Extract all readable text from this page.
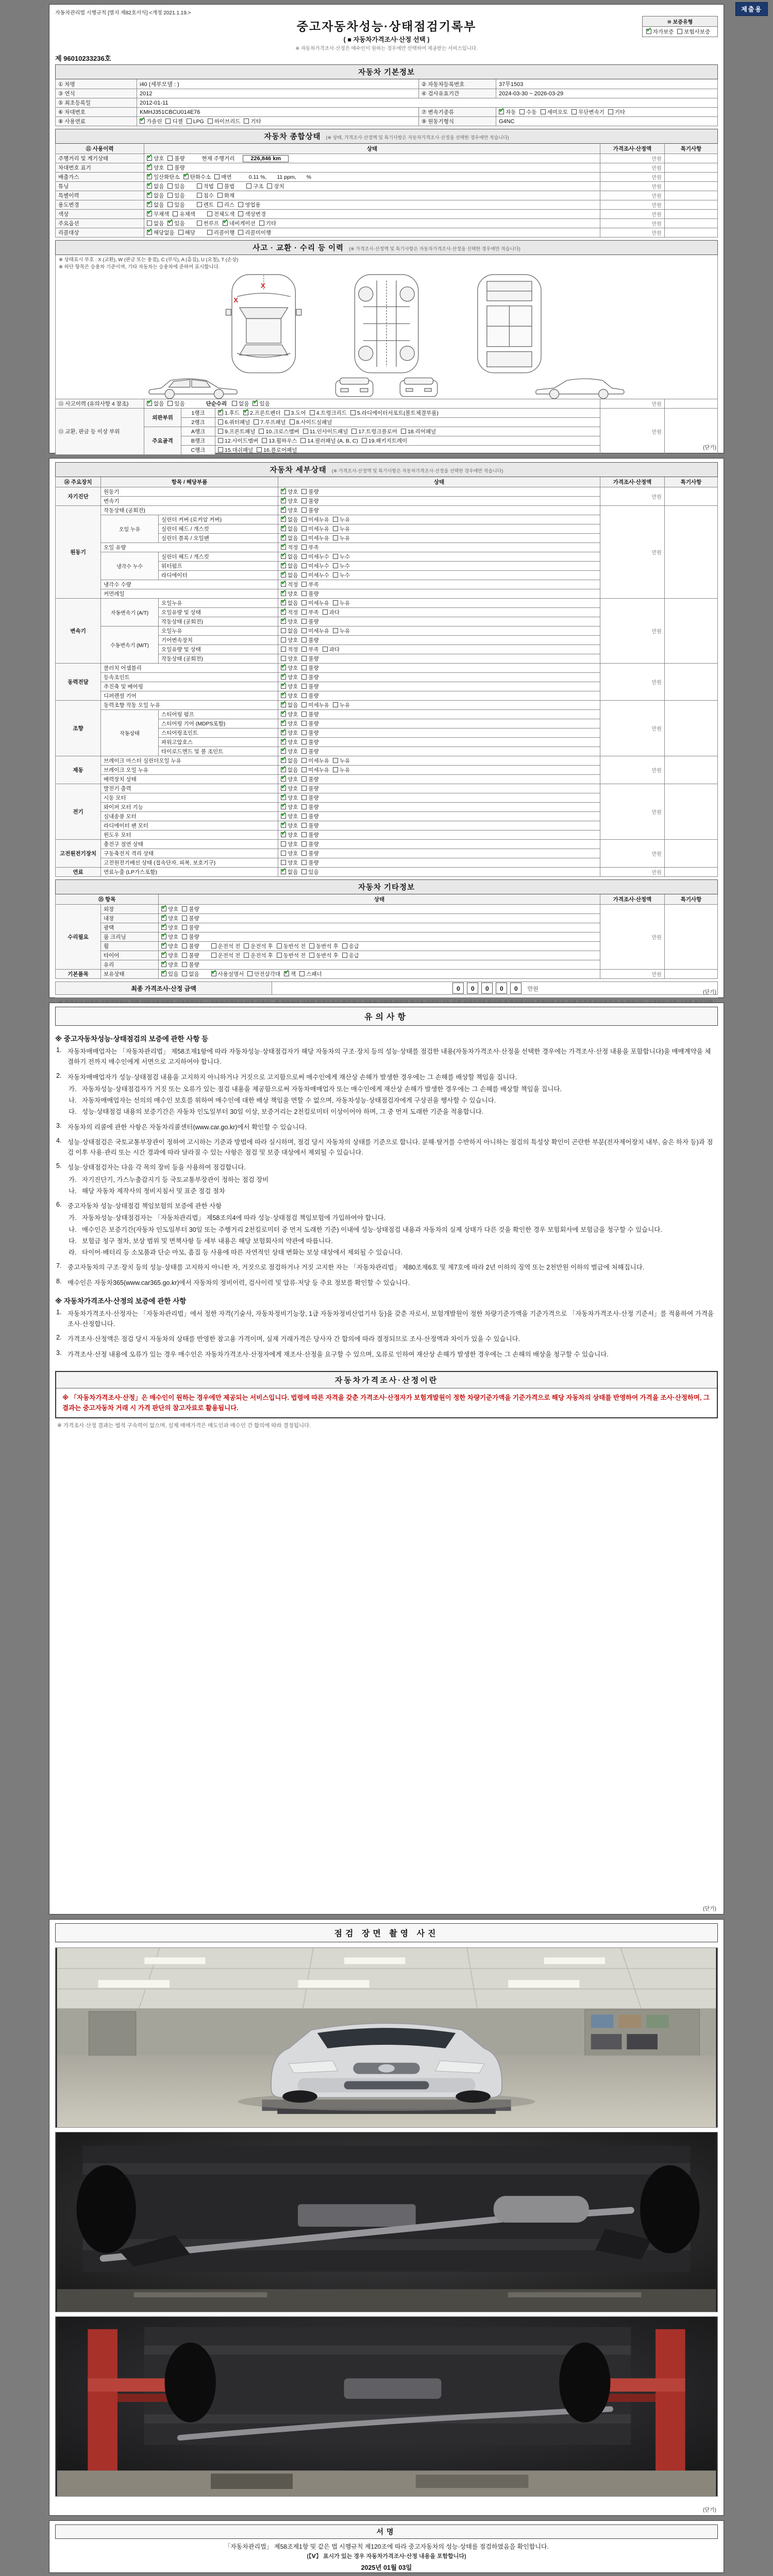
제출용
자동차관리법 시행규칙 [별지 제82호서식] <개정 2021.1.19.>
중고자동차성능·상태점검기록부
( ■ 자동차가격조사·산정 선택 )
※ 자동차가격조사·산정은 매수인이 원하는 경우에만 선택하여 제공받는 서비스입니다.
⑩ 보증유형
✔자가보증 보험사보증
제 96010233236호
자동차 기본정보			
① 차명	i40 (세부모델 : )	② 자동차등록번호	37무1503
③ 연식	2012	④ 검사유효기간	2024-03-30 ~ 2026-03-29
⑤ 최초등록일	2012-01-11		
⑥ 차대번호	KMHJ351CBCU014E76	⑦ 변속기종류	✔자동 수동 세미오토 무단변속기 기타
⑧ 사용연료	✔가솔린 디젤 LPG 하이브리드 기타	⑨ 원동기형식	G4NC
자동차 종합상태 (※ 상태, 가격조사·산정액 및 특기사항은 자동차가격조사·산정을 선택한 경우에만 적습니다)			
⑪ 사용이력	상태	가격조사·산정액	특기사항
주행거리 및 계기상태	✔양호 불량 현재 주행거리 226,846 km	만원	
차대번호 표기	✔양호 불량	만원	
배출가스	✔일산화탄소 ✔ 탄화수소 매연 0.11 %, 11 ppm, %	만원	
튜닝	✔없음 있음 적법 불법 구조 장치	만원	
특별이력	✔없음 있음 침수 화재	만원	
용도변경	✔없음 있음 렌트 리스 영업용	만원	
색상	✔무채색 유채색 전체도색 색상변경	만원	
주요옵션	없음 ✔ 있음 썬루프 ✔ 네비게이션 기타	만원	
리콜대상	✔해당없음 해당 리콜이행 리콜미이행	만원	
사고 · 교환 · 수리 등 이력 (※ 가격조사·산정액 및 특기사항은 자동차가격조사·산정을 선택한 경우에만 적습니다)					

※ 상태표시 부호 : X (교환), W (판금 또는 용접), C (부식), A (흠집), U (요철), T (손상)
※ 하단 항목은 승용차 기준이며, 기타 자동차는 승용차에 준하여 표시합니다.
X
X					

⑫ 사고이력 (유의사항 4 참조)	✔없음 있음 단순수리 없음 ✔ 있음			만원	
⑬ 교환, 판금 등 이상 부위	외판부위	1랭크	✔1.후드 ✔ 2.프론트펜더 3.도어 4.트렁크리드 5.라디에이터서포트(볼트체결부품)	만원	
		2랭크	6.쿼터패널 7.루프패널 8.사이드실패널		
	주요골격	A랭크	9.프론트패널 10.크로스멤버 11.인사이드패널 17.트렁크플로어 18.리어패널		
		B랭크	12.사이드멤버 13.휠하우스 14.필러패널 (A, B, C) 19.패키지트레이		
		C랭크	15.대쉬패널 16.플로어패널			(닫기)
자동차 세부상태 (※ 가격조사·산정액 및 특기사항은 자동차가격조사·산정을 선택한 경우에만 적습니다)					
⑭ 주요장치	항목 / 해당부품		상태	가격조사·산정액	특기사항
자기진단	원동기	✔양호 불량	만원	
	변속기	✔양호 불량
원동기	작동상태 (공회전)	✔양호 불량	만원	
	오일 누유	실린더 커버 (로커암 커버)	✔없음 미세누유 누유
		실린더 헤드 / 개스킷	✔없음 미세누유 누유
		실린더 블록 / 오일팬	✔없음 미세누유 누유
	오일 유량	✔적정 부족
	냉각수 누수	실린더 헤드 / 개스킷	✔없음 미세누수 누수
		워터펌프	✔없음 미세누수 누수
		라디에이터	✔없음 미세누수 누수
	냉각수 수량	✔적정 부족
	커먼레일	✔양호 불량
변속기	자동변속기 (A/T)	오일누유	✔없음 미세누유 누유	만원	
		오일유량 및 상태	✔적정 부족 과다
		작동상태 (공회전)	✔양호 불량
	수동변속기 (M/T)	오일누유	없음 미세누유 누유		
		기어변속장치	양호 불량		
		오일유량 및 상태	적정 부족 과다		
		작동상태 (공회전)	양호 불량		
동력전달	클러치 어셈블리	✔양호 불량	만원	
	등속조인트	✔양호 불량
	추진축 및 베어링	✔양호 불량
	디퍼렌셜 기어	✔양호 불량
조향	동력조향 작동 오일 누유	✔없음 미세누유 누유	만원	
	작동상태	스티어링 펌프	✔양호 불량
		스티어링 기어 (MDPS포함)	✔양호 불량
		스티어링조인트	✔양호 불량
		파워고압호스	✔양호 불량
		타이로드엔드 및 볼 조인트	✔양호 불량
제동	브레이크 마스터 실린더오일 누유	✔없음 미세누유 누유	만원	
	브레이크 오일 누유	✔없음 미세누유 누유
	배력장치 상태	✔양호 불량
전기	발전기 출력	✔양호 불량	만원	
	시동 모터	✔양호 불량
	와이퍼 모터 기능	✔양호 불량
	실내송풍 모터	✔양호 불량
	라디에이터 팬 모터	✔양호 불량
	윈도우 모터	✔양호 불량
고전원전기장치	충전구 절연 상태		양호 불량	만원	
	구동축전지 격리 상태		양호 불량		
	고전원전기배선 상태 (접속단자, 피복, 보호기구)		양호 불량		
연료	연료누출 (LP가스포함)	✔없음 있음	만원	
자동차 기타정보				
⑮ 항목		상태	가격조사·산정액	특기사항
수리필요	외장	✔양호 불량	만원	
	내장	✔양호 불량
	광택	✔양호 불량
	룸 크리닝	✔양호 불량
	휠	✔양호 불량 운전석 전 운전석 후 동반석 전 동반석 후 응급
	타이어	✔양호 불량 운전석 전 운전석 후 동반석 전 동반석 후 응급
	유리	✔양호 불량
기본품목	보유상태	✔있음 없음 ✔ 사용설명서 안전삼각대 ✔ 잭 스패너	만원	
최종 가격조사·산정 금액	0 0 0 0 0 만원

(닫기)
유의사항
※ 중고자동차성능·상태점검의 보증에 관한 사항 등
1. 자동차매매업자는 「자동차관리법」 제58조제1항에 따라 자동차성능·상태점검자가 해당 자동차의 구조·장치 등의 성능·상태를 점검한 내용(자동차가격조사·산정을 선택한 경우에는 가격조사·산정 내용을 포함합니다)을 매매계약을 체결하기 전까지 매수인에게 서면으로 고지하여야 합니다.
2. 자동차매매업자가 성능·상태점검 내용을 고지하지 아니하거나 거짓으로 고지함으로써 매수인에게 재산상 손해가 발생한 경우에는 그 손해를 배상할 책임을 집니다.
가. 자동차성능·상태점검자가 거짓 또는 오류가 있는 점검 내용을 제공함으로써 자동차매매업자 또는 매수인에게 재산상 손해가 발생한 경우에는 그 손해를 배상할 책임을 집니다.
나. 자동차매매업자는 선의의 매수인 보호를 위하여 매수인에 대한 배상 책임을 면할 수 없으며, 자동차성능·상태점검자에게 구상권을 행사할 수 있습니다.
다. 성능·상태점검 내용의 보증기간은 자동차 인도일부터 30일 이상, 보증거리는 2천킬로미터 이상이어야 하며, 그 중 먼저 도래한 기준을 적용합니다.
3. 자동차의 리콜에 관한 사항은 자동차리콜센터(www.car.go.kr)에서 확인할 수 있습니다.
4. 성능·상태점검은 국토교통부장관이 정하여 고시하는 기준과 방법에 따라 실시하며, 점검 당시 자동차의 상태를 기준으로 합니다. 분해·탈거를 수반하지 아니하는 점검의 특성상 확인이 곤란한 부분(전자제어장치 내부, 숨은 하자 등)과 점검 이후 사용·관리 또는 시간 경과에 따라 달라질 수 있는 사항은 점검 및 보증 대상에서 제외될 수 있습니다.
5. 성능·상태점검자는 다음 각 목의 장비 등을 사용하여 점검합니다.
가. 자기진단기, 가스누출감지기 등 국토교통부장관이 정하는 점검 장비
나. 해당 자동차 제작사의 정비지침서 및 표준 점검 절차
6. 중고자동차 성능·상태점검 책임보험의 보증에 관한 사항
가. 자동차성능·상태점검자는 「자동차관리법」 제58조의4에 따라 성능·상태점검 책임보험에 가입하여야 합니다.
나. 매수인은 보증기간(자동차 인도일부터 30일 또는 주행거리 2천킬로미터 중 먼저 도래한 기준) 이내에 성능·상태점검 내용과 자동차의 실제 상태가 다른 것을 확인한 경우 보험회사에 보험금을 청구할 수 있습니다.
다. 보험금 청구 절차, 보상 범위 및 면책사항 등 세부 내용은 해당 보험회사의 약관에 따릅니다.
라. 타이어·배터리 등 소모품과 단순 마모, 흠집 등 사용에 따른 자연적인 상태 변화는 보상 대상에서 제외될 수 있습니다.
7. 중고자동차의 구조·장치 등의 성능·상태를 고지하지 아니한 자, 거짓으로 점검하거나 거짓 고지한 자는 「자동차관리법」 제80조제6호 및 제7호에 따라 2년 이하의 징역 또는 2천만원 이하의 벌금에 처해집니다.
8. 매수인은 자동차365(www.car365.go.kr)에서 자동차의 정비이력, 검사이력 및 압류·저당 등 주요 정보를 확인할 수 있습니다.
※ 자동차가격조사·산정의 보증에 관한 사항
1. 자동차가격조사·산정자는 「자동차관리법」에서 정한 자격(기술사, 자동차정비기능장, 1급 자동차정비산업기사 등)을 갖춘 자로서, 보험개발원이 정한 차량기준가액을 기준가격으로 「자동차가격조사·산정 기준서」를 적용하여 가격을 조사·산정합니다.
2. 가격조사·산정액은 점검 당시 자동차의 상태를 반영한 참고용 가격이며, 실제 거래가격은 당사자 간 합의에 따라 결정되므로 조사·산정액과 차이가 있을 수 있습니다.
3. 가격조사·산정 내용에 오류가 있는 경우 매수인은 자동차가격조사·산정자에게 재조사·산정을 요구할 수 있으며, 오류로 인하여 재산상 손해가 발생한 경우에는 그 손해의 배상을 청구할 수 있습니다.
자동차가격조사·산정이란
※ 「자동차가격조사·산정」은 매수인이 원하는 경우에만 제공되는 서비스입니다. 법령에 따른 자격을 갖춘 가격조사·산정자가 보험개발원이 정한 차량기준가액을 기준가격으로 해당 자동차의 상태를 반영하여 가격을 조사·산정하며, 그 결과는 중고자동차 거래 시 가격 판단의 참고자료로 활용됩니다.
※ 가격조사·산정 결과는 법적 구속력이 없으며, 실제 매매가격은 매도인과 매수인 간 합의에 따라 결정됩니다.
(닫기)
점검 장면 촬영 사진
(닫기)
서명
「자동차관리법」 제58조제1항 및 같은 법 시행규칙 제120조에 따라 중고자동차의 성능·상태를 점검하였음을 확인합니다.
(【Ⅴ】 표시가 있는 경우 자동차가격조사·산정 내용을 포함합니다)
2025년 01월 03일
